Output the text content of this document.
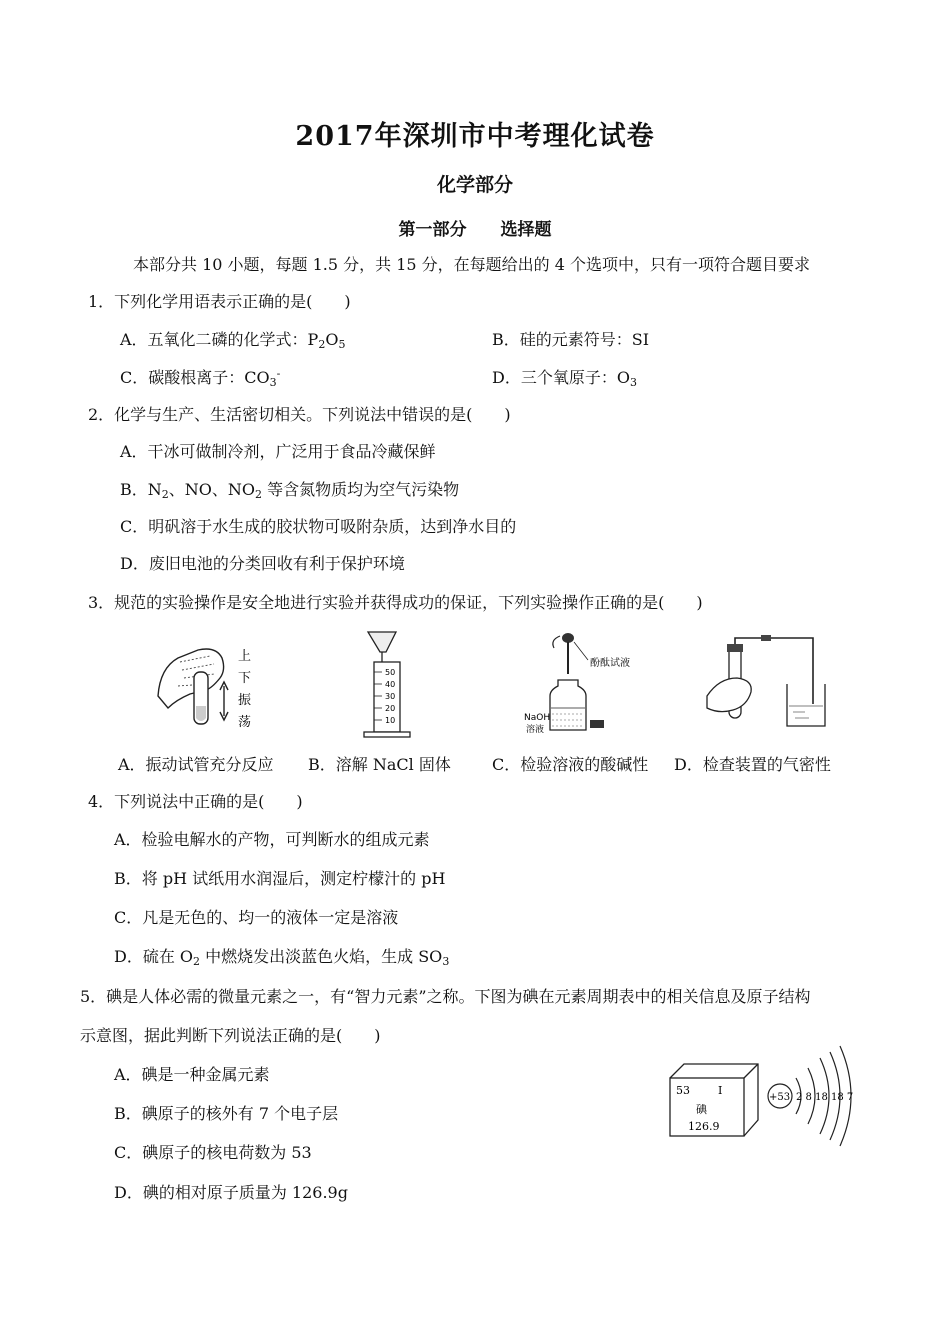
2017年深圳市中考理化试卷
化学部分
第一部分 选择题
本部分共 10 小题，每题 1.5 分，共 15 分，在每题给出的 4 个选项中，只有一项符合题目要求
1．下列化学用语表示正确的是(　　)
A．五氧化二磷的化学式：$P_2O_5$	B．硅的元素符号：SI
C．碳酸根离子：$CO_3^-$	D．三个氧原子：$O_3$
2．化学与生产、生活密切相关。下列说法中错误的是(　　)
A．干冰可做制冷剂，广泛用于食品冷藏保鲜
B．$N_2$、NO、$NO_2$ 等含氮物质均为空气污染物
C．明矾溶于水生成的胶状物可吸附杂质，达到净水目的
D．废旧电池的分类回收有利于保护环境
3．规范的实验操作是安全地进行实验并获得成功的保证，下列实验操作正确的是(　　)
上
下
振
荡
50
40
30
20
10
酚酞试液
NaOH
溶液
A．振动试管充分反应 B．溶解 NaCl 固体	C．检验溶液的酸碱性 D．检查装置的气密性
4．下列说法中正确的是(　　)
A．检验电解水的产物，可判断水的组成元素
B．将 pH 试纸用水润湿后，测定柠檬汁的 pH
C．凡是无色的、均一的液体一定是溶液
D．硫在 $O_2$ 中燃烧发出淡蓝色火焰，生成 $SO_3$
5．碘是人体必需的微量元素之一，有“智力元素”之称。下图为碘在元素周期表中的相关信息及原子结构
示意图，据此判断下列说法正确的是(　　)
A．碘是一种金属元素
B．碘原子的核外有 7 个电子层
C．碘原子的核电荷数为 53
D．碘的相对原子质量为 126.9g
53	I
碘
126.9
+53 2 8 18 18 7
